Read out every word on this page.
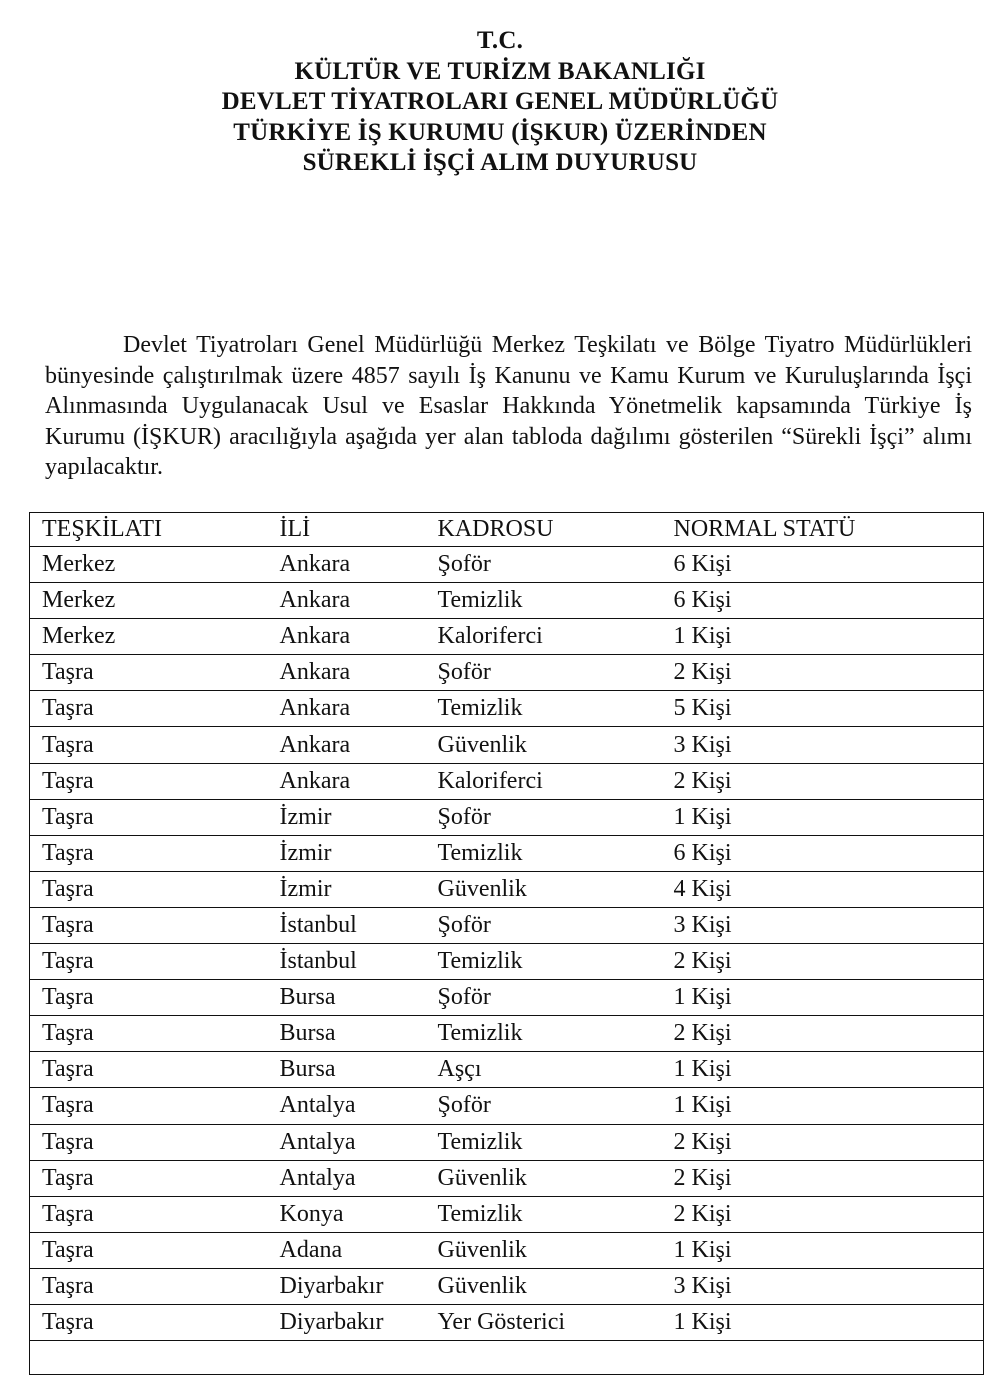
T.C.
KÜLTÜR VE TURİZM BAKANLIĞI
DEVLET TİYATROLARI GENEL MÜDÜRLÜĞÜ
TÜRKİYE İŞ KURUMU (İŞKUR) ÜZERİNDEN
SÜREKLİ İŞÇİ ALIM DUYURUSU

Devlet Tiyatroları Genel Müdürlüğü Merkez Teşkilatı ve Bölge Tiyatro Müdürlükleri bünyesinde çalıştırılmak üzere 4857 sayılı İş Kanunu ve Kamu Kurum ve Kuruluşlarında İşçi Alınmasında Uygulanacak Usul ve Esaslar Hakkında Yönetmelik kapsamında Türkiye İş Kurumu (İŞKUR) aracılığıyla aşağıda yer alan tabloda dağılımı gösterilen “Sürekli İşçi” alımı yapılacaktır.

TEŞKİLATI	İLİ	KADROSU	NORMAL STATÜ
Merkez	Ankara	Şoför	6 Kişi
Merkez	Ankara	Temizlik	6 Kişi
Merkez	Ankara	Kaloriferci	1 Kişi
Taşra	Ankara	Şoför	2 Kişi
Taşra	Ankara	Temizlik	5 Kişi
Taşra	Ankara	Güvenlik	3 Kişi
Taşra	Ankara	Kaloriferci	2 Kişi
Taşra	İzmir	Şoför	1 Kişi
Taşra	İzmir	Temizlik	6 Kişi
Taşra	İzmir	Güvenlik	4 Kişi
Taşra	İstanbul	Şoför	3 Kişi
Taşra	İstanbul	Temizlik	2 Kişi
Taşra	Bursa	Şoför	1 Kişi
Taşra	Bursa	Temizlik	2 Kişi
Taşra	Bursa	Aşçı	1 Kişi
Taşra	Antalya	Şoför	1 Kişi
Taşra	Antalya	Temizlik	2 Kişi
Taşra	Antalya	Güvenlik	2 Kişi
Taşra	Konya	Temizlik	2 Kişi
Taşra	Adana	Güvenlik	1 Kişi
Taşra	Diyarbakır	Güvenlik	3 Kişi
Taşra	Diyarbakır	Yer Gösterici	1 Kişi
